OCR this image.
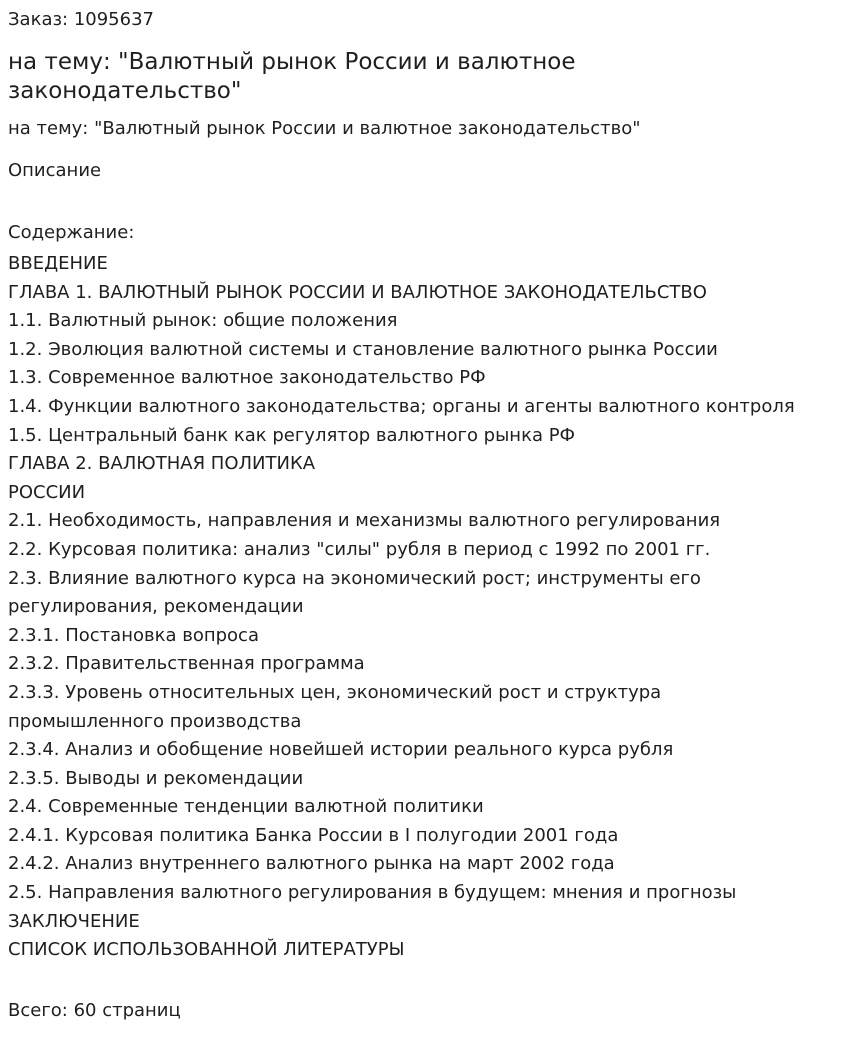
Заказ: 1095637
на тему: "Валютный рынок России и валютное законодательство"
на тему: "Валютный рынок России и валютное законодательство"
Описание
Содержание:
ВВЕДЕНИЕ
ГЛАВА 1. ВАЛЮТНЫЙ РЫНОК РОССИИ И ВАЛЮТНОЕ ЗАКОНОДАТЕЛЬСТВО
1.1. Валютный рынок: общие положения
1.2. Эволюция валютной системы и становление валютного рынка России
1.3. Современное валютное законодательство РФ
1.4. Функции валютного законодательства; органы и агенты валютного контроля
1.5. Центральный банк как регулятор валютного рынка РФ
ГЛАВА 2. ВАЛЮТНАЯ ПОЛИТИКА
РОССИИ
2.1. Необходимость, направления и механизмы валютного регулирования
2.2. Курсовая политика: анализ "силы" рубля в период с 1992 по 2001 гг.
2.3. Влияние валютного курса на экономический рост; инструменты его регулирования, рекомендации
2.3.1. Постановка вопроса
2.3.2. Правительственная программа
2.3.3. Уровень относительных цен, экономический рост и структура промышленного производства
2.3.4. Анализ и обобщение новейшей истории реального курса рубля
2.3.5. Выводы и рекомендации
2.4. Современные тенденции валютной политики
2.4.1. Курсовая политика Банка России в I полугодии 2001 года
2.4.2. Анализ внутреннего валютного рынка на март 2002 года
2.5. Направления валютного регулирования в будущем: мнения и прогнозы
ЗАКЛЮЧЕНИЕ
СПИСОК ИСПОЛЬЗОВАННОЙ ЛИТЕРАТУРЫ
Всего: 60 страниц
